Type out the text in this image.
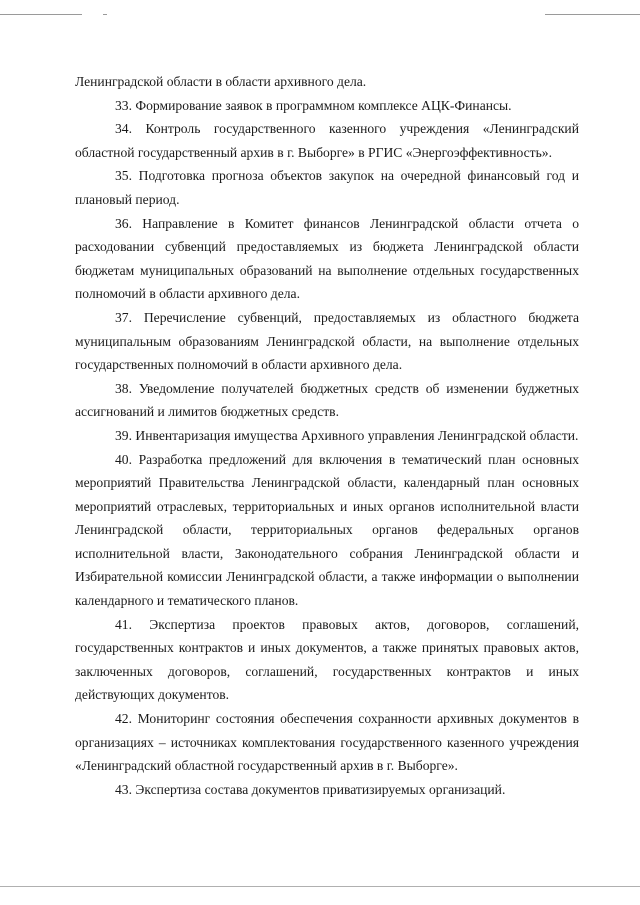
Ленинградской области в области архивного дела.

33. Формирование заявок в программном комплексе АЦК-Финансы.

34. Контроль государственного казенного учреждения «Ленинградский областной государственный архив в г. Выборге» в РГИС «Энергоэффективность».

35. Подготовка прогноза объектов закупок на очередной финансовый год и плановый период.

36. Направление в Комитет финансов Ленинградской области отчета о расходовании субвенций предоставляемых из бюджета Ленинградской области бюджетам муниципальных образований на выполнение отдельных государственных полномочий в области архивного дела.

37. Перечисление субвенций, предоставляемых из областного бюджета муниципальным образованиям Ленинградской области, на выполнение отдельных государственных полномочий в области архивного дела.

38. Уведомление получателей бюджетных средств об изменении буджетных ассигнований и лимитов бюджетных средств.

39. Инвентаризация имущества Архивного управления Ленинградской области.

40. Разработка предложений для включения в тематический план основных мероприятий Правительства Ленинградской области, календарный план основных мероприятий отраслевых, территориальных и иных органов исполнительной власти Ленинградской области, территориальных органов федеральных органов исполнительной власти, Законодательного собрания Ленинградской области и Избирательной комиссии Ленинградской области, а также информации о выполнении календарного и тематического планов.

41. Экспертиза проектов правовых актов, договоров, соглашений, государственных контрактов и иных документов, а также принятых правовых актов, заключенных договоров, соглашений, государственных контрактов и иных действующих документов.

42. Мониторинг состояния обеспечения сохранности архивных документов в организациях – источниках комплектования государственного казенного учреждения «Ленинградский областной государственный архив в г. Выборге».

43. Экспертиза состава документов приватизируемых организаций.
